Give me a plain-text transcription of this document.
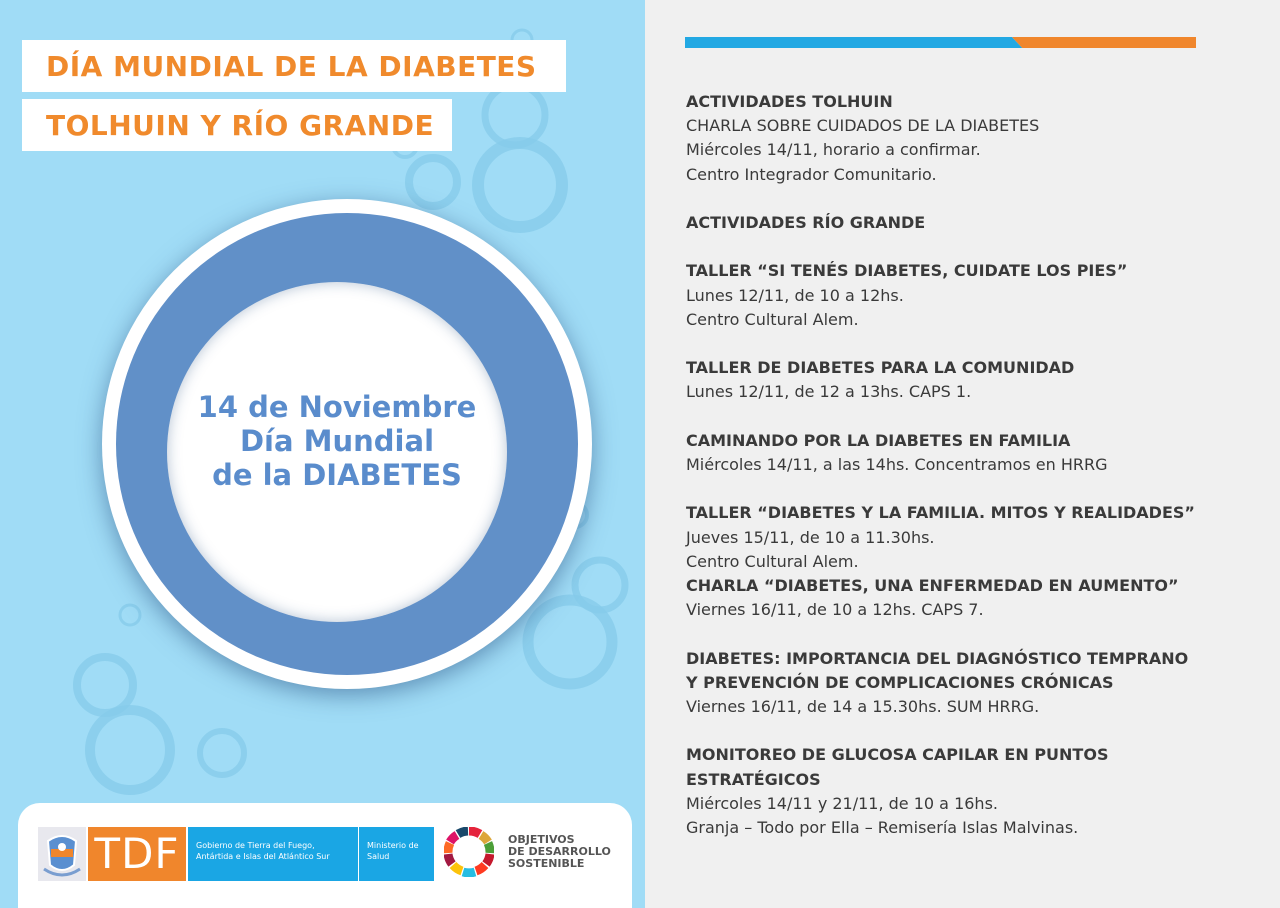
DÍA MUNDIAL DE LA DIABETES
TOLHUIN Y RÍO GRANDE
14 de Noviembre
Día Mundial
de la DIABETES
TDF	Gobierno de Tierra del Fuego,
Antártida e Islas del Atlántico Sur
Ministerio de
Salud
OBJETIVOS
DE DESARROLLO
SOSTENIBLE

ACTIVIDADES TOLHUIN

CHARLA SOBRE CUIDADOS DE LA DIABETES

Miércoles 14/11, horario a confirmar.

Centro Integrador Comunitario.

ACTIVIDADES RÍO GRANDE

TALLER “SI TENÉS DIABETES, CUIDATE LOS PIES”

Lunes 12/11, de 10 a 12hs.

Centro Cultural Alem.

TALLER DE DIABETES PARA LA COMUNIDAD

Lunes 12/11, de 12 a 13hs. CAPS 1.

CAMINANDO POR LA DIABETES EN FAMILIA

Miércoles 14/11, a las 14hs. Concentramos en HRRG

TALLER “DIABETES Y LA FAMILIA. MITOS Y REALIDADES”

Jueves 15/11, de 10 a 11.30hs.

Centro Cultural Alem.

CHARLA “DIABETES, UNA ENFERMEDAD EN AUMENTO”

Viernes 16/11, de 10 a 12hs. CAPS 7.

DIABETES: IMPORTANCIA DEL DIAGNÓSTICO TEMPRANO

Y PREVENCIÓN DE COMPLICACIONES CRÓNICAS

Viernes 16/11, de 14 a 15.30hs. SUM HRRG.

MONITOREO DE GLUCOSA CAPILAR EN PUNTOS

ESTRATÉGICOS

Miércoles 14/11 y 21/11, de 10 a 16hs.

Granja – Todo por Ella – Remisería Islas Malvinas.
